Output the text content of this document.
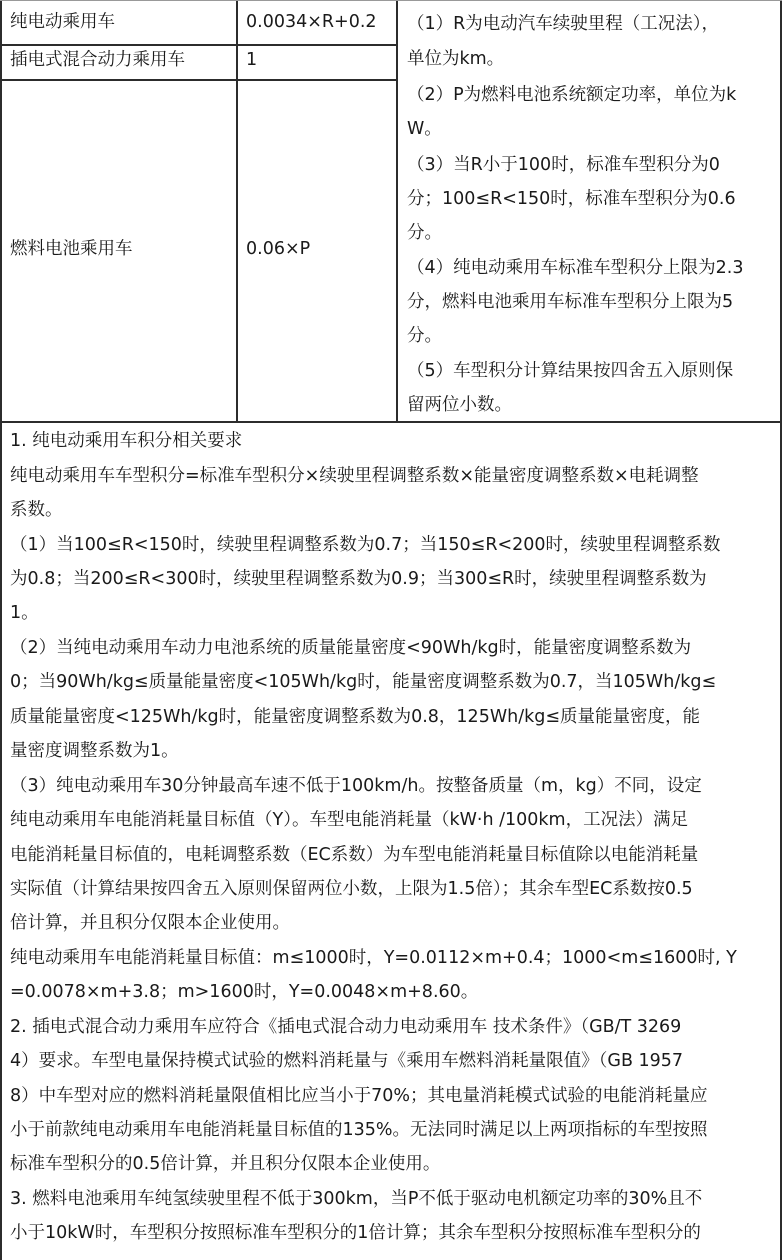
纯电动乘用车	0.0034×R+0.2
插电式混合动力乘用车	1
燃料电池乘用车	0.06×P
（1）R为电动汽车续驶里程（工况法），
单位为km。
（2）P为燃料电池系统额定功率，单位为k
W。
（3）当R小于100时，标准车型积分为0
分；100≤R<150时，标准车型积分为0.6
分。
（4）纯电动乘用车标准车型积分上限为2.3
分，燃料电池乘用车标准车型积分上限为5
分。
（5）车型积分计算结果按四舍五入原则保
留两位小数。
1. 纯电动乘用车积分相关要求
纯电动乘用车车型积分=标准车型积分×续驶里程调整系数×能量密度调整系数×电耗调整
系数。
（1）当100≤R<150时，续驶里程调整系数为0.7；当150≤R<200时，续驶里程调整系数
为0.8；当200≤R<300时，续驶里程调整系数为0.9；当300≤R时，续驶里程调整系数为
1。
（2）当纯电动乘用车动力电池系统的质量能量密度<90Wh/kg时，能量密度调整系数为
0；当90Wh/kg≤质量能量密度<105Wh/kg时，能量密度调整系数为0.7，当105Wh/kg≤
质量能量密度<125Wh/kg时，能量密度调整系数为0.8，125Wh/kg≤质量能量密度，能
量密度调整系数为1。
（3）纯电动乘用车30分钟最高车速不低于100km/h。按整备质量（m，kg）不同，设定
纯电动乘用车电能消耗量目标值（Y）。车型电能消耗量（kW·h /100km，工况法）满足
电能消耗量目标值的，电耗调整系数（EC系数）为车型电能消耗量目标值除以电能消耗量
实际值（计算结果按四舍五入原则保留两位小数，上限为1.5倍）；其余车型EC系数按0.5
倍计算，并且积分仅限本企业使用。
纯电动乘用车电能消耗量目标值：m≤1000时，Y=0.0112×m+0.4；1000<m≤1600时, Y
=0.0078×m+3.8；m>1600时，Y=0.0048×m+8.60。
2. 插电式混合动力乘用车应符合《插电式混合动力电动乘用车 技术条件》（GB/T 3269
4）要求。车型电量保持模式试验的燃料消耗量与《乘用车燃料消耗量限值》（GB 1957
8）中车型对应的燃料消耗量限值相比应当小于70%；其电量消耗模式试验的电能消耗量应
小于前款纯电动乘用车电能消耗量目标值的135%。无法同时满足以上两项指标的车型按照
标准车型积分的0.5倍计算，并且积分仅限本企业使用。
3. 燃料电池乘用车纯氢续驶里程不低于300km，当P不低于驱动电机额定功率的30%且不
小于10kW时，车型积分按照标准车型积分的1倍计算；其余车型积分按照标准车型积分的
